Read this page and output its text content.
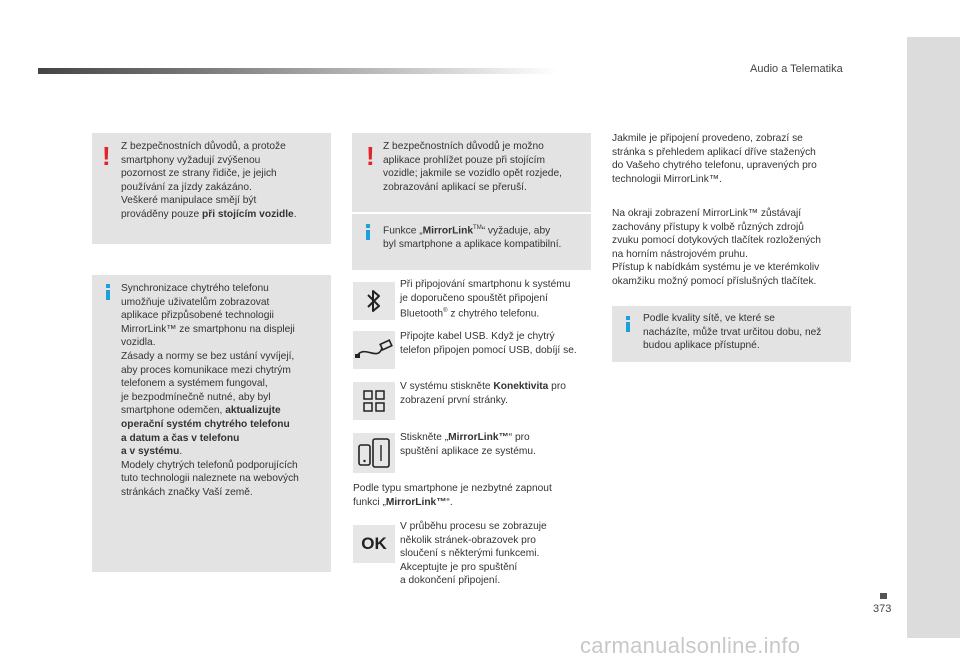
Audio a Telematika
373
! Z bezpečnostních důvodů, a protože
smartphony vyžadují zvýšenou
pozornost ze strany řidiče, je jejich
používání za jízdy zakázáno.
Veškeré manipulace smějí být
prováděny pouze při stojícím vozidle.
Synchronizace chytrého telefonu
umožňuje uživatelům zobrazovat
aplikace přizpůsobené technologii
MirrorLink™ ze smartphonu na displeji
vozidla.
Zásady a normy se bez ustání vyvíjejí,
aby proces komunikace mezi chytrým
telefonem a systémem fungoval,
je bezpodmínečně nutné, aby byl
smartphone odemčen, aktualizujte
operační systém chytrého telefonu
a datum a čas v telefonu
a v systému.
Modely chytrých telefonů podporujících
tuto technologii naleznete na webových
stránkách značky Vaší země.
! Z bezpečnostních důvodů je možno
aplikace prohlížet pouze při stojícím
vozidle; jakmile se vozidlo opět rozjede,
zobrazování aplikací se přeruší.
Funkce „MirrorLink™“ vyžaduje, aby
byl smartphone a aplikace kompatibilní.
Při připojování smartphonu k systému
je doporučeno spouštět připojení
Bluetooth® z chytrého telefonu.
Připojte kabel USB. Když je chytrý
telefon připojen pomocí USB, dobíjí se.
V systému stiskněte Konektivita pro
zobrazení první stránky.
Stiskněte „MirrorLink™“ pro
spuštění aplikace ze systému.
Podle typu smartphone je nezbytné zapnout
funkci „MirrorLink™“.
OK
V průběhu procesu se zobrazuje
několik stránek-obrazovek pro
sloučení s některými funkcemi.
Akceptujte je pro spuštění
a dokončení připojení.
Jakmile je připojení provedeno, zobrazí se
stránka s přehledem aplikací dříve stažených
do Vašeho chytrého telefonu, upravených pro
technologii MirrorLink™.
Na okraji zobrazení MirrorLink™ zůstávají
zachovány přístupy k volbě různých zdrojů
zvuku pomocí dotykových tlačítek rozložených
na horním nástrojovém pruhu.
Přístup k nabídkám systému je ve kterémkoliv
okamžiku možný pomocí příslušných tlačítek.
Podle kvality sítě, ve které se
nacházíte, může trvat určitou dobu, než
budou aplikace přístupné.
carmanualsonline.info
